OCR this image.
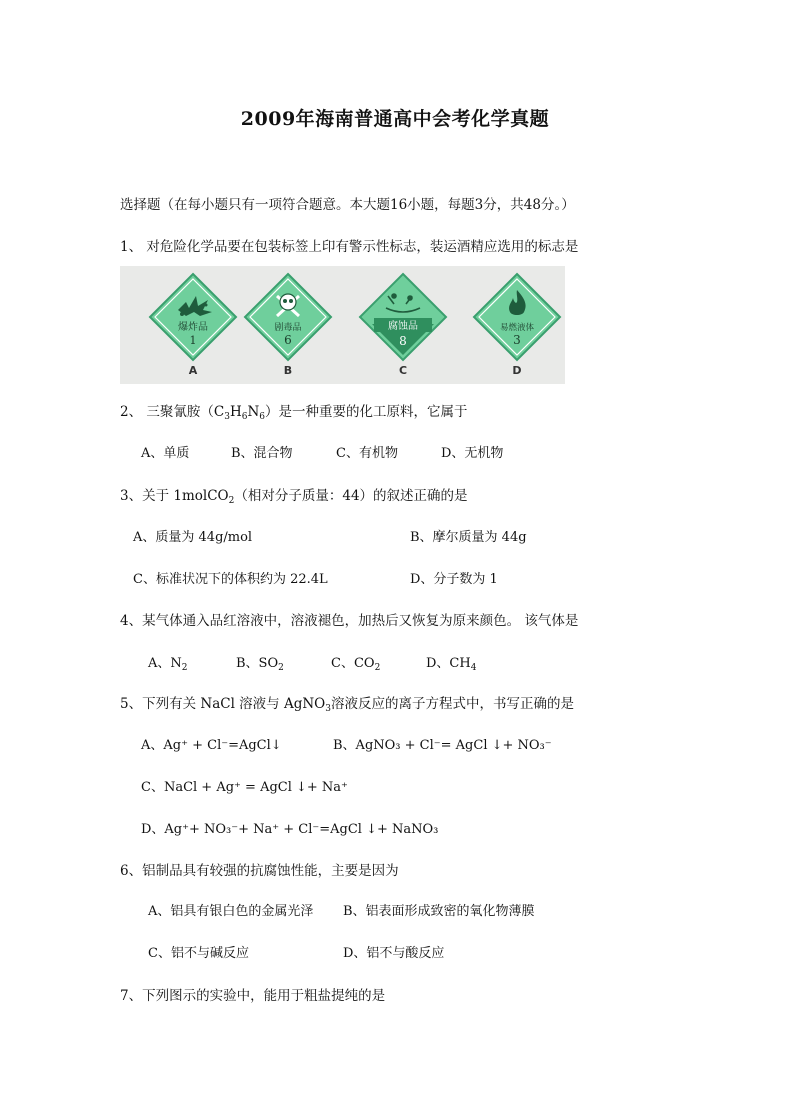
2009年海南普通高中会考化学真题
选择题（在每小题只有一项符合题意。本大题16小题，每题3分，共48分。）
1、 对危险化学品要在包装标签上印有警示性标志，装运酒精应选用的标志是
爆炸品
1
A
剧毒品
6
B
腐蚀品
8
C
易燃液体
3
D
2、 三聚氰胺$(C_3H_6N_6)$是一种重要的化工原料，它属于
A、单质	B、混合物	C、有机物	D、无机物
3、关于 1molCO$_2$（相对分子质量：44）的叙述正确的是
A、质量为 44g/mol	B、摩尔质量为 44g
C、标准状况下的体积约为 22.4L	D、分子数为 1
4、某气体通入品红溶液中，溶液褪色，加热后又恢复为原来颜色。 该气体是
A、$N_2$	B、$SO_2$	C、$CO_2$	D、$CH_4$
5、下列有关 NaCl 溶液与 AgNO$_3$溶液反应的离子方程式中，书写正确的是
A、Ag⁺ + Cl⁻=AgCl↓	B、AgNO₃ + Cl⁻= AgCl ↓+ NO₃⁻
C、NaCl + Ag⁺ = AgCl ↓+ Na⁺
D、Ag⁺+ NO₃⁻+ Na⁺ + Cl⁻=AgCl ↓+ NaNO₃
6、铝制品具有较强的抗腐蚀性能，主要是因为
A、铝具有银白色的金属光泽 B、铝表面形成致密的氧化物薄膜
C、铝不与碱反应	D、铝不与酸反应
7、下列图示的实验中，能用于粗盐提纯的是
